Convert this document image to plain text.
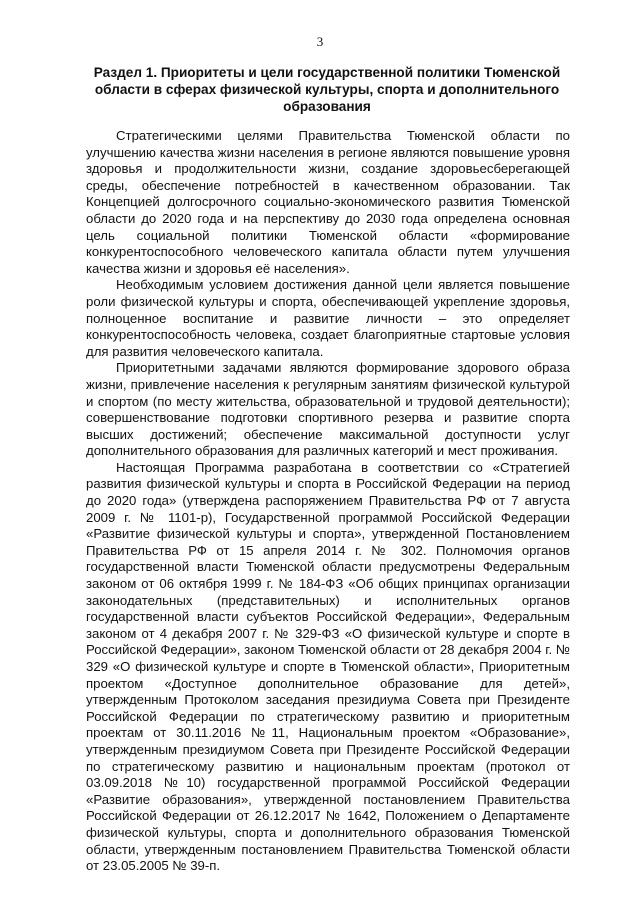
3
Раздел 1. Приоритеты и цели государственной политики Тюменской области в сферах физической культуры, спорта и дополнительного образования

Стратегическими целями Правительства Тюменской области по улучшению качества жизни населения в регионе являются повышение уровня здоровья и продолжительности жизни, создание здоровьесберегающей среды, обеспечение потребностей в качественном образовании. Так Концепцией долгосрочного социально-экономического развития Тюменской области до 2020 года и на перспективу до 2030 года определена основная цель социальной политики Тюменской области «формирование конкурентоспособного человеческого капитала области путем улучшения качества жизни и здоровья её населения».

Необходимым условием достижения данной цели является повышение роли физической культуры и спорта, обеспечивающей укрепление здоровья, полноценное воспитание и развитие личности – это определяет конкурентоспособность человека, создает благоприятные стартовые условия для развития человеческого капитала.

Приоритетными задачами являются формирование здорового образа жизни, привлечение населения к регулярным занятиям физической культурой и спортом (по месту жительства, образовательной и трудовой деятельности); совершенствование подготовки спортивного резерва и развитие спорта высших достижений; обеспечение максимальной доступности услуг дополнительного образования для различных категорий и мест проживания.

Настоящая Программа разработана в соответствии со «Стратегией развития физической культуры и спорта в Российской Федерации на период до 2020 года» (утверждена распоряжением Правительства РФ от 7 августа 2009 г. № 1101-р), Государственной программой Российской Федерации «Развитие физической культуры и спорта», утвержденной Постановлением Правительства РФ от 15 апреля 2014 г. № 302. Полномочия органов государственной власти Тюменской области предусмотрены Федеральным законом от 06 октября 1999 г. № 184-ФЗ «Об общих принципах организации законодательных (представительных) и исполнительных органов государственной власти субъектов Российской Федерации», Федеральным законом от 4 декабря 2007 г. № 329-ФЗ «О физической культуре и спорте в Российской Федерации», законом Тюменской области от 28 декабря 2004 г. № 329 «О физической культуре и спорте в Тюменской области», Приоритетным проектом «Доступное дополнительное образование для детей», утвержденным Протоколом заседания президиума Совета при Президенте Российской Федерации по стратегическому развитию и приоритетным проектам от 30.11.2016 №11, Национальным проектом «Образование», утвержденным президиумом Совета при Президенте Российской Федерации по стратегическому развитию и национальным проектам (протокол от 03.09.2018 №10) государственной программой Российской Федерации «Развитие образования», утвержденной постановлением Правительства Российской Федерации от 26.12.2017 № 1642, Положением о Департаменте физической культуры, спорта и дополнительного образования Тюменской области, утвержденным постановлением Правительства Тюменской области от 23.05.2005 № 39-п.
